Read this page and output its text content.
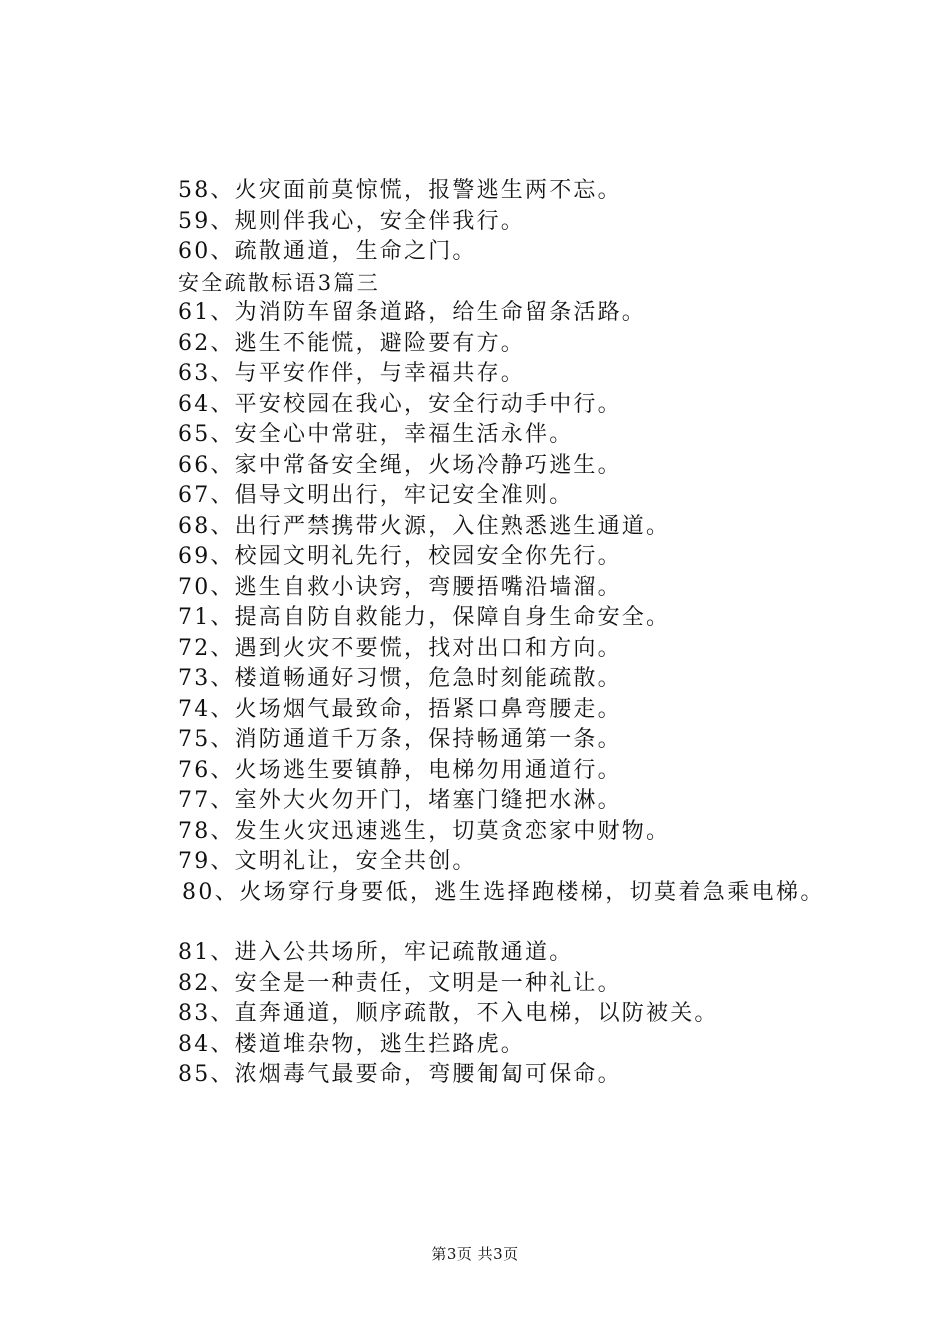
58、火灾面前莫惊慌，报警逃生两不忘。
59、规则伴我心，安全伴我行。
60、疏散通道，生命之门。
安全疏散标语3篇三
61、为消防车留条道路，给生命留条活路。
62、逃生不能慌，避险要有方。
63、与平安作伴，与幸福共存。
64、平安校园在我心，安全行动手中行。
65、安全心中常驻，幸福生活永伴。
66、家中常备安全绳，火场冷静巧逃生。
67、倡导文明出行，牢记安全准则。
68、出行严禁携带火源，入住熟悉逃生通道。
69、校园文明礼先行，校园安全你先行。
70、逃生自救小诀窍，弯腰捂嘴沿墙溜。
71、提高自防自救能力，保障自身生命安全。
72、遇到火灾不要慌，找对出口和方向。
73、楼道畅通好习惯，危急时刻能疏散。
74、火场烟气最致命，捂紧口鼻弯腰走。
75、消防通道千万条，保持畅通第一条。
76、火场逃生要镇静，电梯勿用通道行。
77、室外大火勿开门，堵塞门缝把水淋。
78、发生火灾迅速逃生，切莫贪恋家中财物。
79、文明礼让，安全共创。
80、火场穿行身要低，逃生选择跑楼梯，切莫着急乘电梯。
81、进入公共场所，牢记疏散通道。
82、安全是一种责任，文明是一种礼让。
83、直奔通道，顺序疏散，不入电梯，以防被关。
84、楼道堆杂物，逃生拦路虎。
85、浓烟毒气最要命，弯腰匍匐可保命。
第3页 共3页
